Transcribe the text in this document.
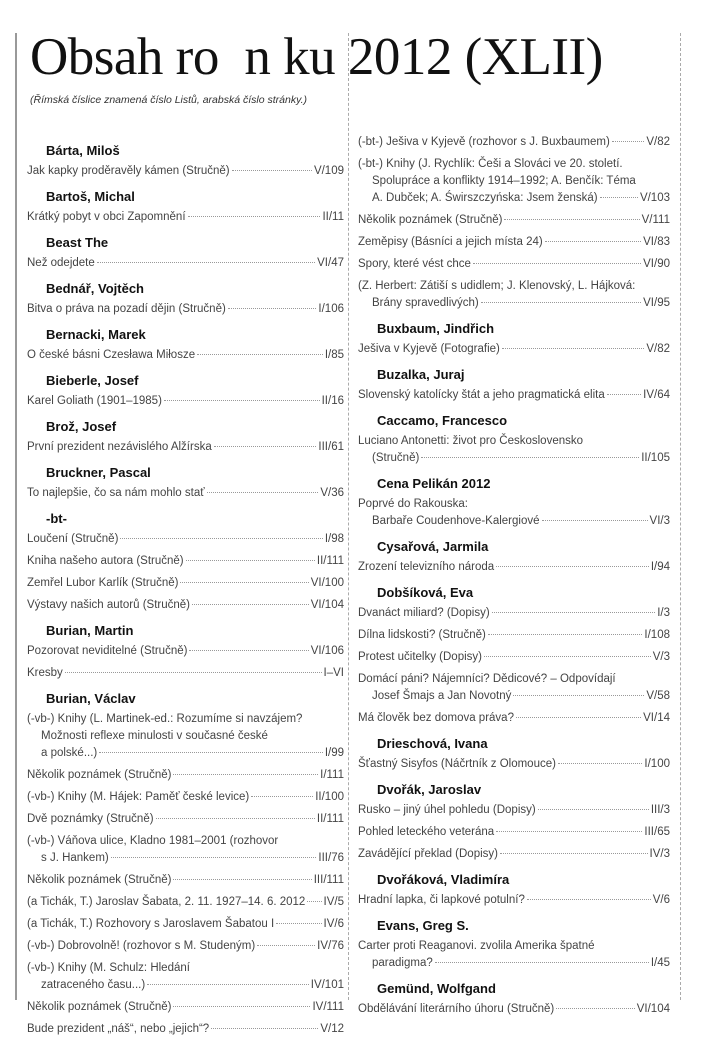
Obsah ro  n ku 2012 (XLII)
(Římská číslice znamená číslo Listů, arabská číslo stránky.)
Bárta, Miloš
Jak kapky proděravěly kámen (Stručně)	V/109
Bartoš, Michal
Krátký pobyt v obci Zapomnění	II/11
Beast The
Než odejdete	VI/47
Bednář, Vojtěch
Bitva o práva na pozadí dějin (Stručně)	I/106
Bernacki, Marek
O české básni Czesława Miłosze	I/85
Bieberle, Josef
Karel Goliath (1901–1985)	II/16
Brož, Josef
První prezident nezávislého Alžírska	III/61
Bruckner, Pascal
To najlepšie, čo sa nám mohlo stať	V/36
-bt-
Loučení (Stručně)	I/98
Kniha našeho autora (Stručně)	II/111
Zemřel Lubor Karlík (Stručně)	VI/100
Výstavy našich autorů (Stručně)	VI/104
Burian, Martin
Pozorovat neviditelné (Stručně)	VI/106
Kresby	I–VI
Burian, Václav
(-vb-) Knihy (L. Martinek-ed.: Rozumíme si navzájem?
Možnosti reflexe minulosti v současné české
a polské...)	I/99
Několik poznámek (Stručně)	I/111
(-vb-) Knihy (M. Hájek: Paměť české levice)	II/100
Dvě poznámky (Stručně)	II/111
(-vb-) Váňova ulice, Kladno 1981–2001 (rozhovor
s J. Hankem)	III/76
Několik poznámek (Stručně)	III/111
(a Tichák, T.) Jaroslav Šabata, 2. 11. 1927–14. 6. 2012 IV/5
(a Tichák, T.) Rozhovory s Jaroslavem Šabatou I	IV/6
(-vb-) Dobrovolně! (rozhovor s M. Studeným)	IV/76
(-vb-) Knihy (M. Schulz: Hledání
zatraceného času...)	IV/101
Několik poznámek (Stručně)	IV/111
Bude prezident „náš“, nebo „jejich“?	V/12
(-bt-) Ješiva v Kyjevě (rozhovor s J. Buxbaumem)	V/82
(-bt-) Knihy (J. Rychlík: Češi a Slováci ve 20. století.
Spolupráce a konflikty 1914–1992; A. Benčík: Téma
A. Dubček; A. Świrszczyńska: Jsem ženská)	V/103
Několik poznámek (Stručně)	V/111
Zeměpisy (Básníci a jejich místa 24)	VI/83
Spory, které vést chce	VI/90
(Z. Herbert: Zátiší s udidlem; J. Klenovský, L. Hájková:
Brány spravedlivých)	VI/95
Buxbaum, Jindřich
Ješiva v Kyjevě (Fotografie)	V/82
Buzalka, Juraj
Slovenský katolícky štát a jeho pragmatická elita	IV/64
Caccamo, Francesco
Luciano Antonetti: život pro Československo
(Stručně)	II/105
Cena Pelikán 2012
Poprvé do Rakouska:
Barbaře Coudenhove-Kalergiové	VI/3
Cysařová, Jarmila
Zrození televizního národa	I/94
Dobšíková, Eva
Dvanáct miliard? (Dopisy)	I/3
Dílna lidskosti? (Stručně)	I/108
Protest učitelky (Dopisy)	V/3
Domácí páni? Nájemníci? Dědicové? – Odpovídají
Josef Šmajs a Jan Novotný	V/58
Má člověk bez domova práva?	VI/14
Drieschová, Ivana
Šťastný Sisyfos (Náčrtník z Olomouce)	I/100
Dvořák, Jaroslav
Rusko – jiný úhel pohledu (Dopisy)	III/3
Pohled leteckého veterána	III/65
Zavádějící překlad (Dopisy)	IV/3
Dvořáková, Vladimíra
Hradní lapka, či lapkové potulní?	V/6
Evans, Greg S.
Carter proti Reaganovi. zvolila Amerika špatné
paradigma?	I/45
Gemünd, Wolfgand
Obdělávání literárního úhoru (Stručně)	VI/104
